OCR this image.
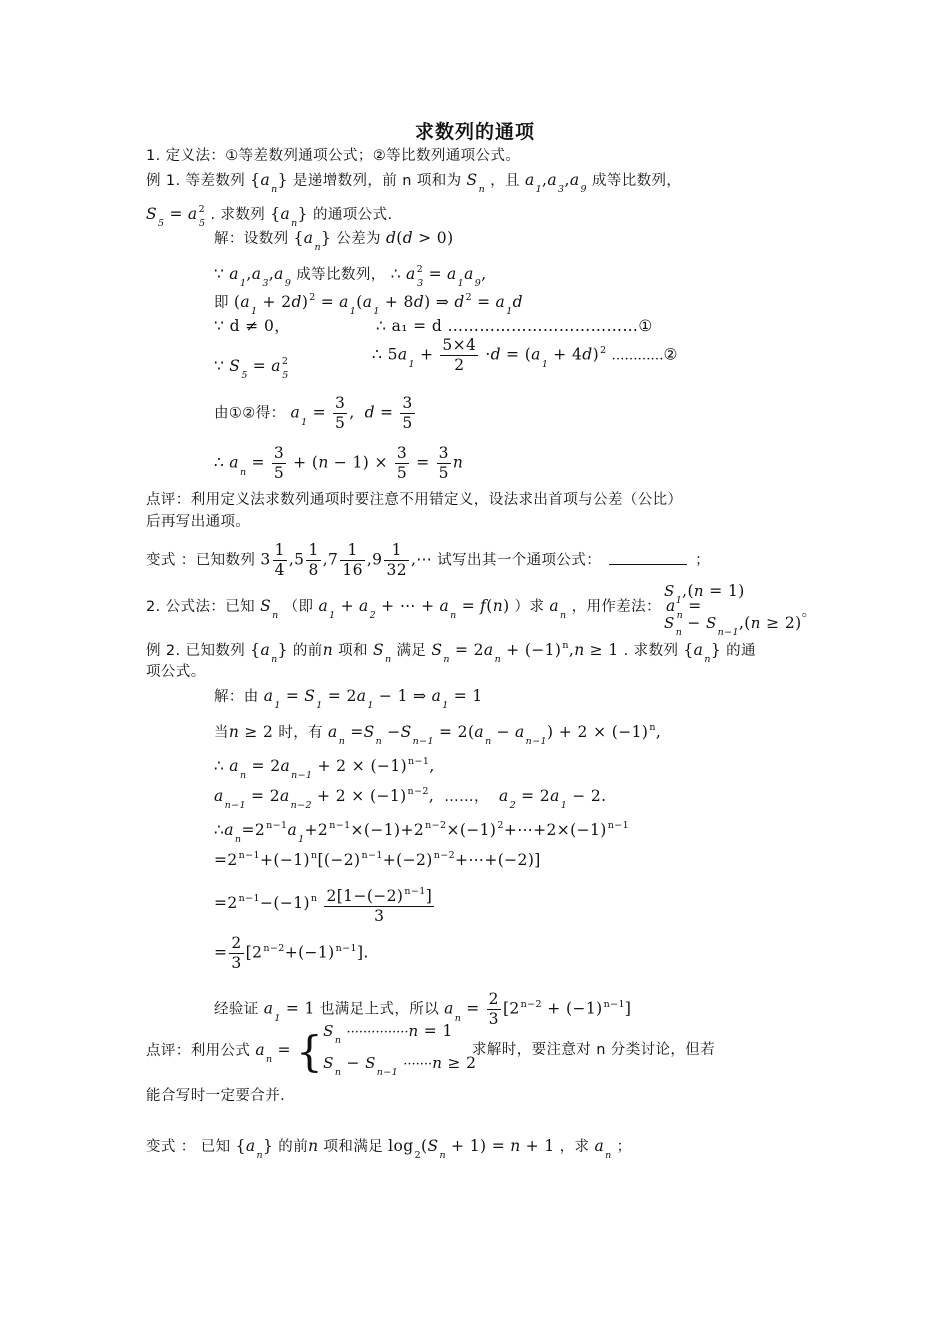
求数列的通项
1. 定义法：①等差数列通项公式；②等比数列通项公式。
例 1. 等差数列 $\{a_n\}$ 是递增数列，前 n 项和为 $S_n$ ，且 $a_1,a_3,a_9$ 成等比数列，
$S_5 = a^2_5$ . 求数列 $\{a_n\}$ 的通项公式.
解：设数列 $\{a_n\}$ 公差为 d(d > 0)
∵ $a_1,a_3,a_9$ 成等比数列， ∴ $a^2_3 = a_1a_9$,
即 $(a_1 + 2d)^2 = a_1(a_1 + 8d)$ ⇒ $d^2 = a_1d$
∵ d ≠ 0，	∴ a₁ = d ………………………………①
∵ $S_5 = a^2_5$
∴ $5a_1 + \frac{5\times 4}{2} \cdot d = (a_1 + 4d)^2$ …………②
由①②得： $a_1 = \frac{3}{5}$ , $d = \frac{3}{5}$
∴ $a_n = \frac{3}{5} + (n - 1) \times \frac{3}{5} = \frac{3}{5}$ n
点评：利用定义法求数列通项时要注意不用错定义，设法求出首项与公差（公比）
后再写出通项。
变式 ：已知数列 $3 \frac{1}{4} ,5 \frac{1}{8} ,7 \frac{1}{16} ,9 \frac{1}{32}$ ,⋯ 试写出其一个通项公式：	；
2. 公式法：已知 $S_n$ （即 $a_1 + a_2$ + ⋯ + $a_n = f(n)$ ）求 $a_n$ ，用作差法： $a_n$ =
$S_1,(n = 1)$
$S_n - S_{n-1},(n \ge 2)$。
例 2. 已知数列 $\{a_n\}$ 的前n 项和 $S_n$ 满足 $S_n = 2a_n + (-1)^n,n \ge 1$ . 求数列 $\{a_n\}$ 的通
项公式。
解：由 $a_1 = S_1 = 2a_1 - 1$ ⇒ $a_1 = 1$
当n ≥ 2 时，有 $a_n =S_n -S_{n-1} = 2(a_n - a_{n-1}) + 2 \times (-1)^n$,
∴ $a_n = 2a_{n-1} + 2 \times (-1)^{n-1}$,
$a_{n-1} = 2a_{n-2} + 2 \times (-1)^{n-2}$, ……， $a_2 = 2a_1 - 2$.
$\therefore a_n=2^{n-1}a_1+2^{n-1}\times(-1)+2^{n-2}\times(-1)^2+\cdots+2\times(-1)^{n-1}$
$=2^{n-1}+(-1)^n[(-2)^{n-1}+(-2)^{n-2}+\cdots+(-2)]$
$=2^{n-1}-(-1)^n \frac{2[1-(-2)^{n-1}]}{3}$
= $\frac{2}{3} [2^{n-2}+(-1)^{n-1}]$.
经验证 $a_1 = 1$ 也满足上式，所以 $a_n = \frac{2}{3} [2^{n-2} + (-1)^{n-1}]$
点评：利用公式 $a_n = \{S_n \cdot\cdot\cdot\cdot\cdot\cdot\cdot\cdot\cdot\cdot\cdot\cdot\cdot\cdot\cdot n = 1$
$S_n - S_{n-1} \cdot\cdot\cdot\cdot\cdot\cdot\cdot n \ge 2$
求解时，要注意对 n 分类讨论，但若
能合写时一定要合并.
变式 ： 已知 $\{a_n\}$ 的前n 项和满足 $\log_2(S_n + 1) = n + 1$ ，求 $a_n$ ；
